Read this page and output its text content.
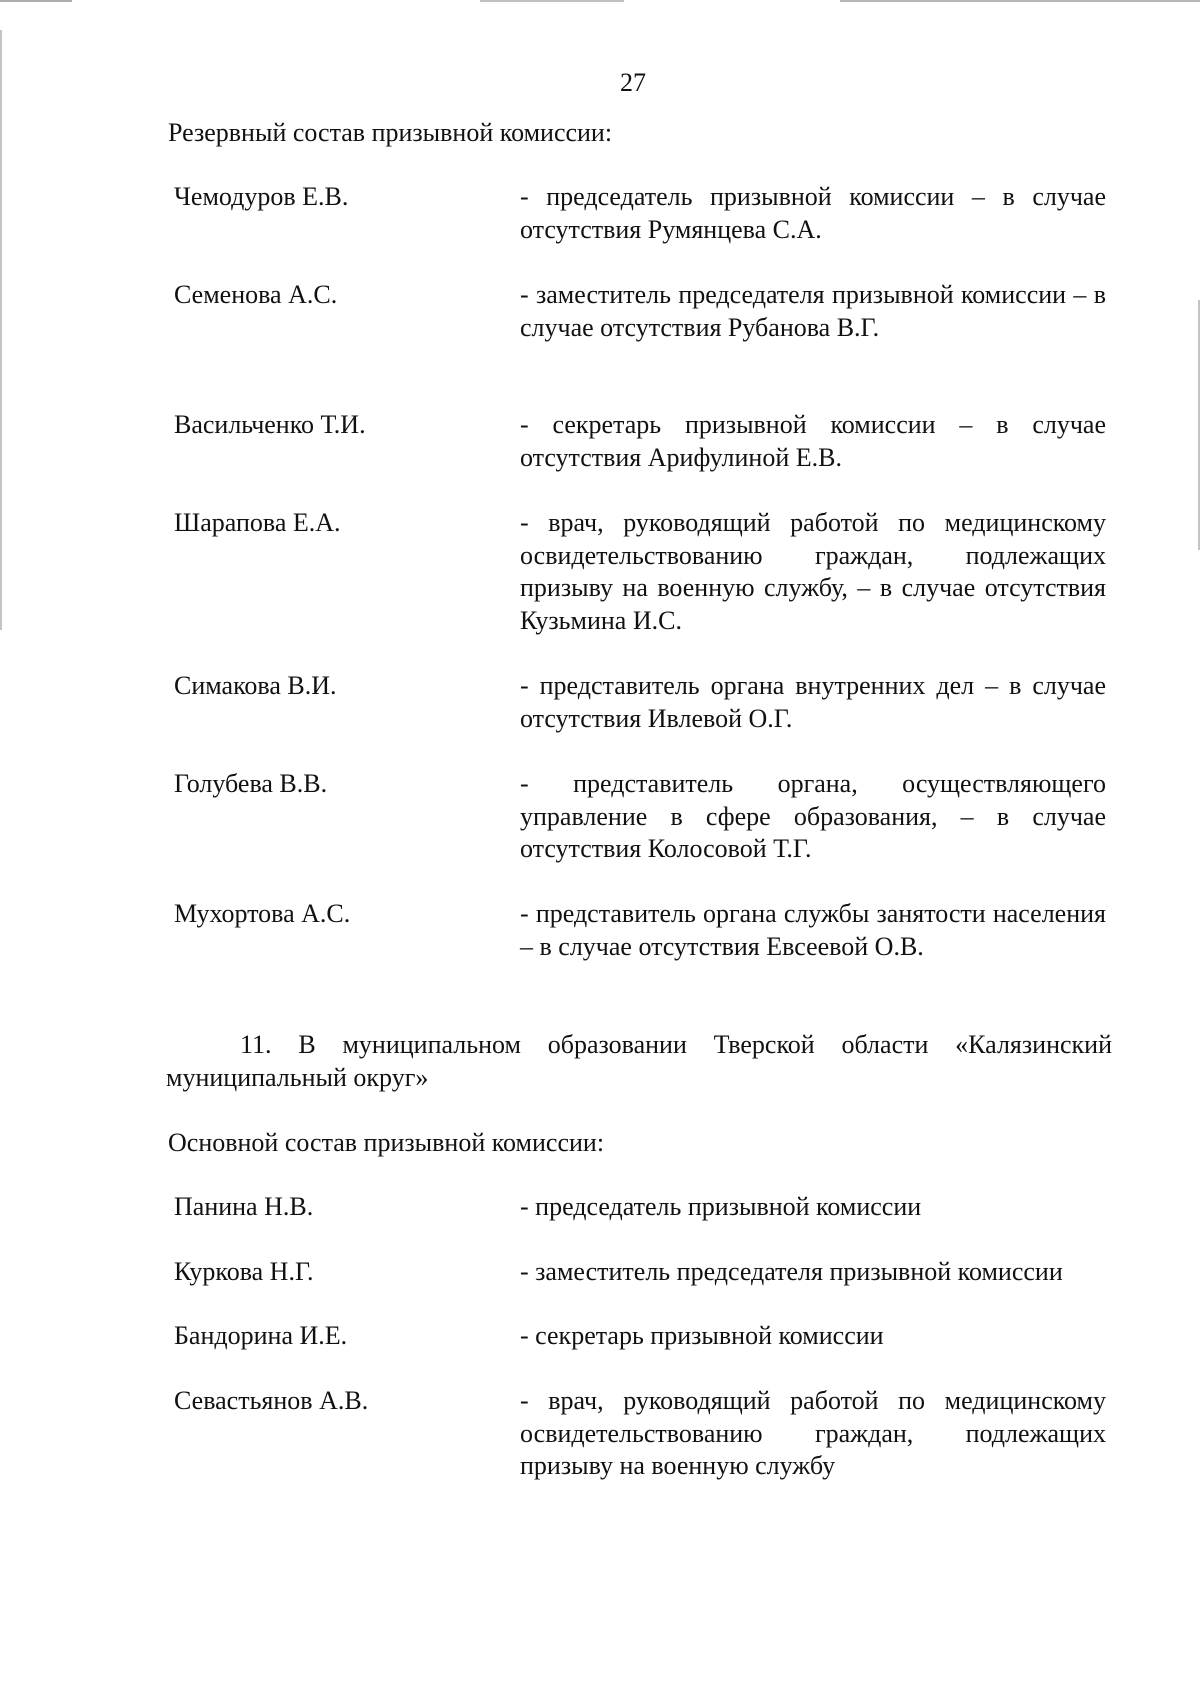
27
Резервный состав призывной комиссии:
Чемодуров Е.В.	- председатель призывной комиссии – в случае отсутствия Румянцева С.А.
Семенова А.С.	- заместитель председателя призывной комиссии – в случае отсутствия Рубанова В.Г.
Васильченко Т.И.	- секретарь призывной комиссии – в случае отсутствия Арифулиной Е.В.
Шарапова Е.А.	- врач, руководящий работой по медицинскому освидетельствованию граждан, подлежащих призыву на военную службу, – в случае отсутствия Кузьмина И.С.
Симакова В.И.	- представитель органа внутренних дел – в случае отсутствия Ивлевой О.Г.
Голубева В.В.	- представитель органа, осуществляющего управление в сфере образования, – в случае отсутствия Колосовой Т.Г.
Мухортова А.С.	- представитель органа службы занятости населения – в случае отсутствия Евсеевой О.В.
11. В муниципальном образовании Тверской области «Калязинский муниципальный округ»
Основной состав призывной комиссии:
Панина Н.В.	- председатель призывной комиссии
Куркова Н.Г.	- заместитель председателя призывной комиссии
Бандорина И.Е.	- секретарь призывной комиссии
Севастьянов А.В.	- врач, руководящий работой по медицинскому освидетельствованию граждан, подлежащих призыву на военную службу
